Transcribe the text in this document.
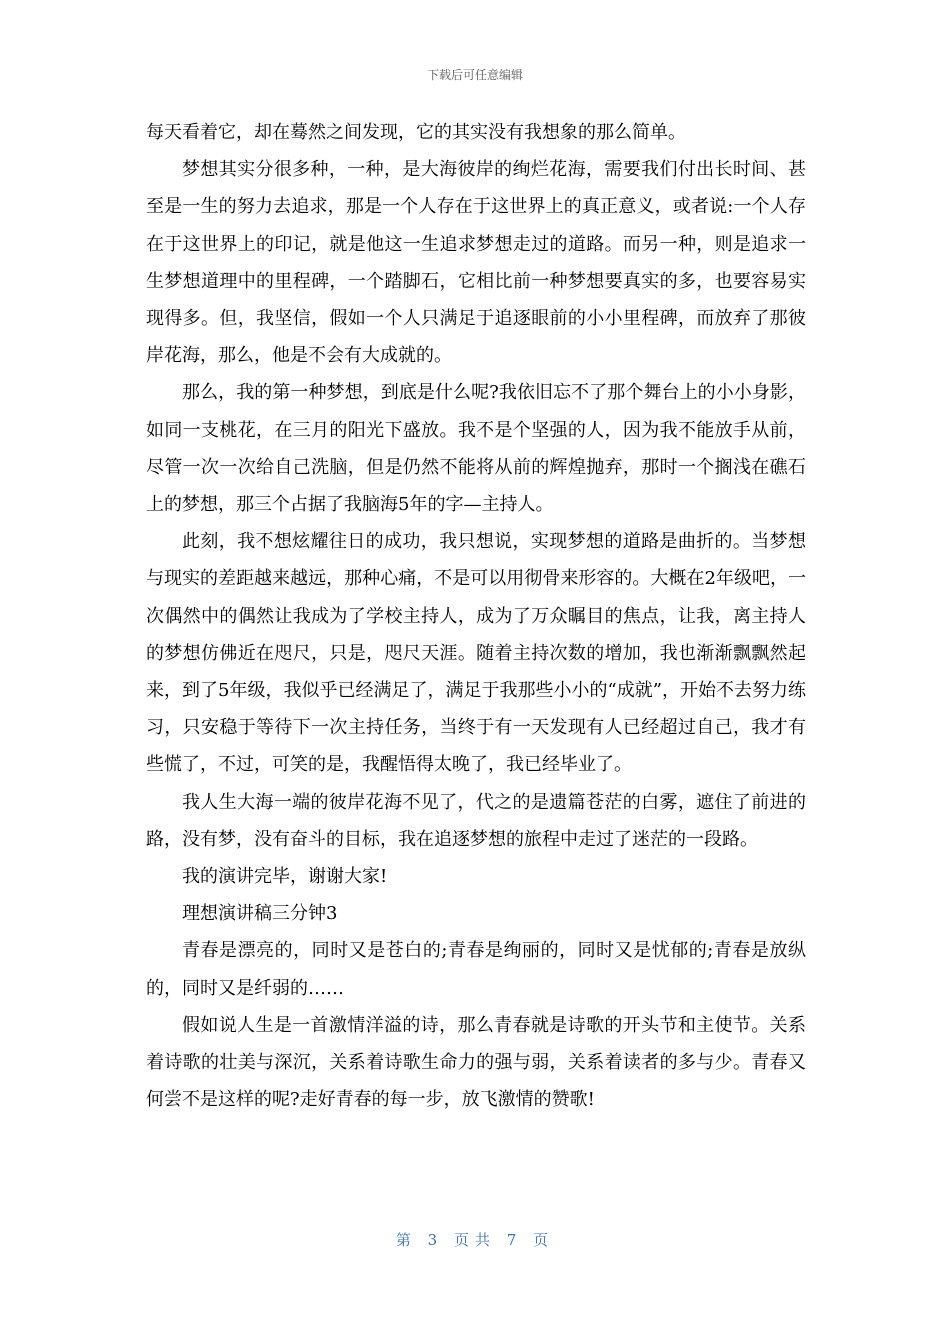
下载后可任意编辑

每天看着它，却在蓦然之间发现，它的其实没有我想象的那么简单。

梦想其实分很多种，一种，是大海彼岸的绚烂花海，需要我们付出长时间、甚至是一生的努力去追求，那是一个人存在于这世界上的真正意义，或者说:一个人存在于这世界上的印记，就是他这一生追求梦想走过的道路。而另一种，则是追求一生梦想道理中的里程碑，一个踏脚石，它相比前一种梦想要真实的多，也要容易实现得多。但，我坚信，假如一个人只满足于追逐眼前的小小里程碑，而放弃了那彼岸花海，那么，他是不会有大成就的。

那么，我的第一种梦想，到底是什么呢?我依旧忘不了那个舞台上的小小身影，如同一支桃花，在三月的阳光下盛放。我不是个坚强的人，因为我不能放手从前，尽管一次一次给自己洗脑，但是仍然不能将从前的辉煌抛弃，那时一个搁浅在礁石上的梦想，那三个占据了我脑海5年的字—主持人。

此刻，我不想炫耀往日的成功，我只想说，实现梦想的道路是曲折的。当梦想与现实的差距越来越远，那种心痛，不是可以用彻骨来形容的。大概在2年级吧，一次偶然中的偶然让我成为了学校主持人，成为了万众瞩目的焦点，让我，离主持人的梦想仿佛近在咫尺，只是，咫尺天涯。随着主持次数的增加，我也渐渐飘飘然起来，到了5年级，我似乎已经满足了，满足于我那些小小的“成就”，开始不去努力练习，只安稳于等待下一次主持任务，当终于有一天发现有人已经超过自己，我才有些慌了，不过，可笑的是，我醒悟得太晚了，我已经毕业了。

我人生大海一端的彼岸花海不见了，代之的是遗篇苍茫的白雾，遮住了前进的路，没有梦，没有奋斗的目标，我在追逐梦想的旅程中走过了迷茫的一段路。

我的演讲完毕，谢谢大家!

理想演讲稿三分钟3

青春是漂亮的，同时又是苍白的;青春是绚丽的，同时又是忧郁的;青春是放纵的，同时又是纤弱的……

假如说人生是一首激情洋溢的诗，那么青春就是诗歌的开头节和主使节。关系着诗歌的壮美与深沉，关系着诗歌生命力的强与弱，关系着读者的多与少。青春又何尝不是这样的呢?走好青春的每一步，放飞激情的赞歌!

第 3 页共 7 页
